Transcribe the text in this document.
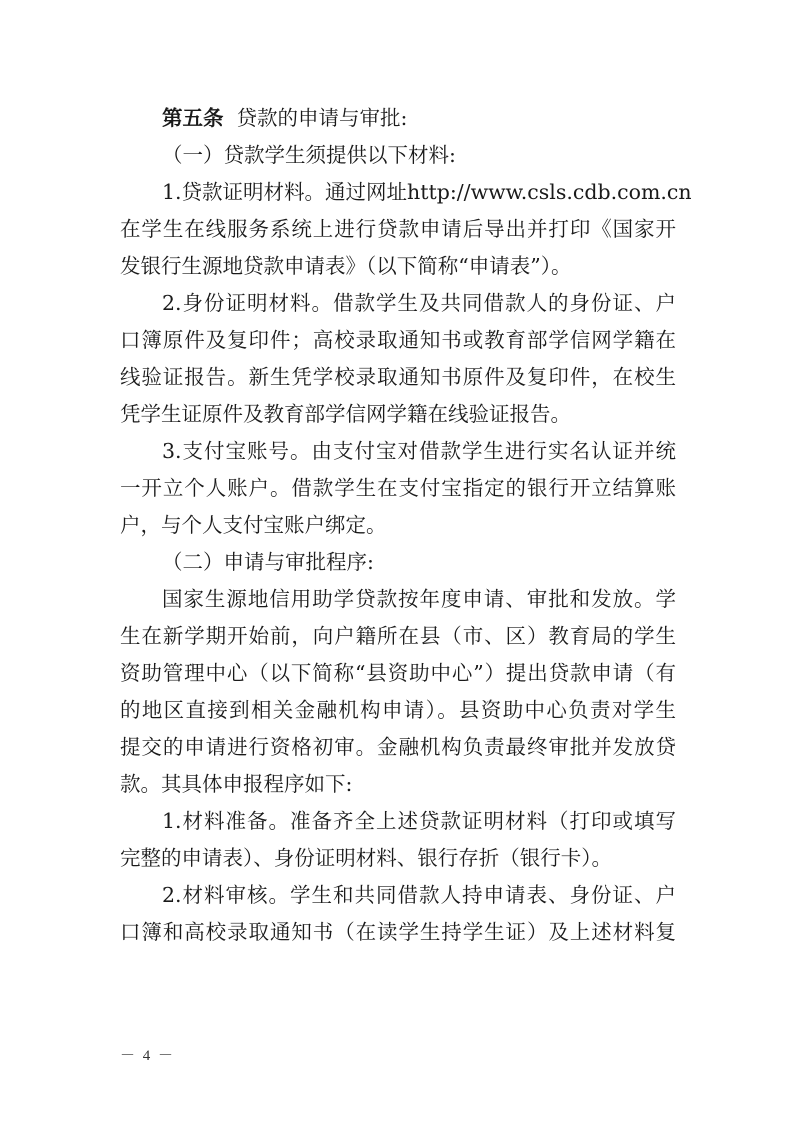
第五条  贷款的申请与审批:
（一）贷款学生须提供以下材料:
1.贷款证明材料。通过网址http://www.csls.cdb.com.cn
在学生在线服务系统上进行贷款申请后导出并打印《国家开
发银行生源地贷款申请表》（以下简称“申请表”）。
2.身份证明材料。借款学生及共同借款人的身份证、户
口簿原件及复印件；高校录取通知书或教育部学信网学籍在
线验证报告。新生凭学校录取通知书原件及复印件，在校生
凭学生证原件及教育部学信网学籍在线验证报告。
3.支付宝账号。由支付宝对借款学生进行实名认证并统
一开立个人账户。借款学生在支付宝指定的银行开立结算账
户，与个人支付宝账户绑定。
（二）申请与审批程序:
国家生源地信用助学贷款按年度申请、审批和发放。学
生在新学期开始前，向户籍所在县（市、区）教育局的学生
资助管理中心（以下简称“县资助中心”）提出贷款申请（有
的地区直接到相关金融机构申请）。县资助中心负责对学生
提交的申请进行资格初审。金融机构负责最终审批并发放贷
款。其具体申报程序如下:
1.材料准备。准备齐全上述贷款证明材料（打印或填写
完整的申请表）、身份证明材料、银行存折（银行卡）。
2.材料审核。学生和共同借款人持申请表、身份证、户
口簿和高校录取通知书（在读学生持学生证）及上述材料复
－ 4 －
